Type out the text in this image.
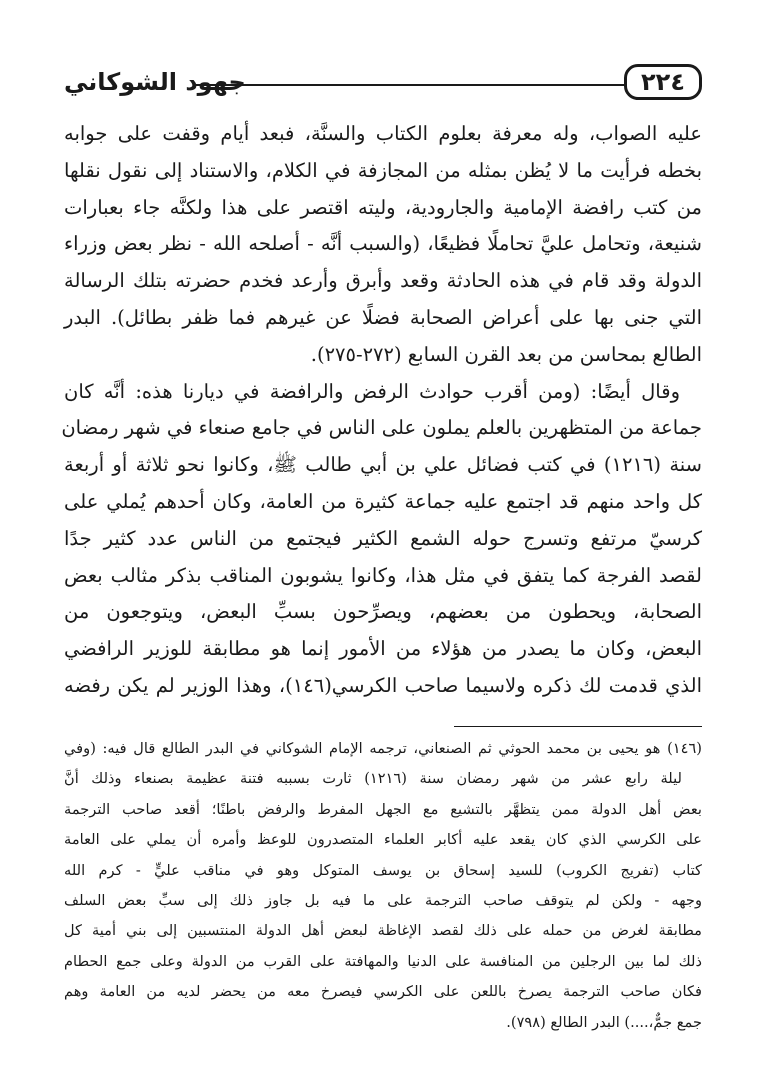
٢٢٤
جهود الشوكاني
عليه الصواب، وله معرفة بعلوم الكتاب والسنَّة، فبعد أيام وقفت على جوابه
بخطه فرأيت ما لا يُظن بمثله من المجازفة في الكلام، والاستناد إلى نقول نقلها
من كتب رافضة الإمامية والجارودية، وليته اقتصر على هذا ولكنَّه جاء بعبارات
شنيعة، وتحامل عليَّ تحاملًا فظيعًا، (والسبب أنَّه - أصلحه الله - نظر بعض وزراء
الدولة وقد قام في هذه الحادثة وقعد وأبرق وأرعد فخدم حضرته بتلك الرسالة
التي جنى بها على أعراض الصحابة فضلًا عن غيرهم فما ظفر بطائل). البدر
الطالع بمحاسن من بعد القرن السابع (٢٧٢-٢٧٥).
وقال أيضًا: (ومن أقرب حوادث الرفض والرافضة في ديارنا هذه: أنَّه كان
جماعة من المتظهرين بالعلم يملون على الناس في جامع صنعاء في شهر رمضان
سنة (١٢١٦) في كتب فضائل علي بن أبي طالب ﷺ، وكانوا نحو ثلاثة أو أربعة
كل واحد منهم قد اجتمع عليه جماعة كثيرة من العامة، وكان أحدهم يُملي على
كرسيّ مرتفع وتسرج حوله الشمع الكثير فيجتمع من الناس عدد كثير جدًا
لقصد الفرجة كما يتفق في مثل هذا، وكانوا يشوبون المناقب بذكر مثالب بعض
الصحابة، ويحطون من بعضهم، ويصرِّحون بسبِّ البعض، ويتوجعون من
البعض، وكان ما يصدر من هؤلاء من الأمور إنما هو مطابقة للوزير الرافضي
الذي قدمت لك ذكره ولاسيما صاحب الكرسي(١٤٦)، وهذا الوزير لم يكن رفضه
(١٤٦) هو يحيى بن محمد الحوثي ثم الصنعاني، ترجمه الإمام الشوكاني في البدر الطالع قال فيه: (وفي
ليلة رابع عشر من شهر رمضان سنة (١٢١٦) ثارت بسببه فتنة عظيمة بصنعاء وذلك أنَّ
بعض أهل الدولة ممن يتظهَّر بالتشيع مع الجهل المفرط والرفض باطنًا؛ أقعد صاحب الترجمة
على الكرسي الذي كان يقعد عليه أكابر العلماء المتصدرون للوعظ وأمره أن يملي على العامة
كتاب (تفريج الكروب) للسيد إسحاق بن يوسف المتوكل وهو في مناقب عليٍّ - كرم الله
وجهه - ولكن لم يتوقف صاحب الترجمة على ما فيه بل جاوز ذلك إلى سبِّ بعض السلف
مطابقة لغرض من حمله على ذلك لقصد الإغاظة لبعض أهل الدولة المنتسبين إلى بني أمية كل
ذلك لما بين الرجلين من المنافسة على الدنيا والمهافتة على القرب من الدولة وعلى جمع الحطام
فكان صاحب الترجمة يصرخ باللعن على الكرسي فيصرخ معه من يحضر لديه من العامة وهم
جمع جمٌّ،....) البدر الطالع (٧٩٨).
